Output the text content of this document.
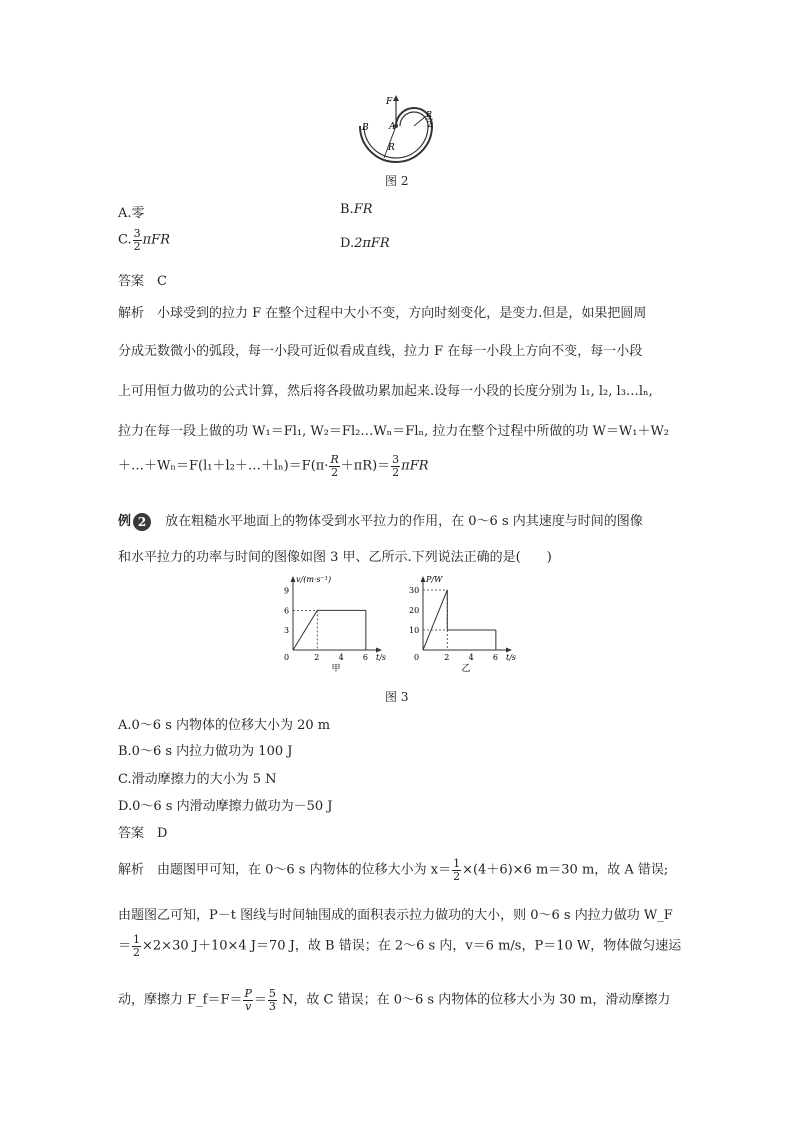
F
A
B
R
R
2
图 2
A.零	B.FR
C. $\frac{3}{2}$ πFR	D.2πFR
答案　C
解析　小球受到的拉力 F 在整个过程中大小不变，方向时刻变化，是变力.但是，如果把圆周
分成无数微小的弧段，每一小段可近似看成直线，拉力 F 在每一小段上方向不变，每一小段
上可用恒力做功的公式计算，然后将各段做功累加起来.设每一小段的长度分别为 l₁, l₂, l₃…lₙ,
拉力在每一段上做的功 W₁＝Fl₁, W₂＝Fl₂…Wₙ＝Flₙ, 拉力在整个过程中所做的功 W＝W₁＋W₂
＋…＋Wₙ＝F(l₁＋l₂＋…＋lₙ)＝F(π· $\frac{R}{2} +\pi R)= \frac{3}{2}$ πFR
例 2 放在粗糙水平地面上的物体受到水平拉力的作用，在 0～6 s 内其速度与时间的图像
和水平拉力的功率与时间的图像如图 3 甲、乙所示.下列说法正确的是(　　)
v/(m·s⁻¹)
t/s
0	2 4 6
3
6
9
甲
P/W
t/s
0	2 4 6
10
20
30
乙
图 3
A.0～6 s 内物体的位移大小为 20 m
B.0～6 s 内拉力做功为 100 J
C.滑动摩擦力的大小为 5 N
D.0～6 s 内滑动摩擦力做功为－50 J
答案　D
解析　由题图甲可知，在 0～6 s 内物体的位移大小为 $x= \frac{1}{2} \times(4+6)\times 6$ m＝30 m，故 A 错误;
由题图乙可知，P－t 图线与时间轴围成的面积表示拉力做功的大小，则 0～6 s 内拉力做功 W_F
＝ $\frac{1}{2} \times 2\times 30$ J＋10×4 J＝70 J，故 B 错误；在 2～6 s 内，v＝6 m/s，P＝10 W，物体做匀速运
动，摩擦力 F_f＝F＝ $\frac{P}{v} = \frac{5}{3}$ N，故 C 错误；在 0～6 s 内物体的位移大小为 30 m，滑动摩擦力
